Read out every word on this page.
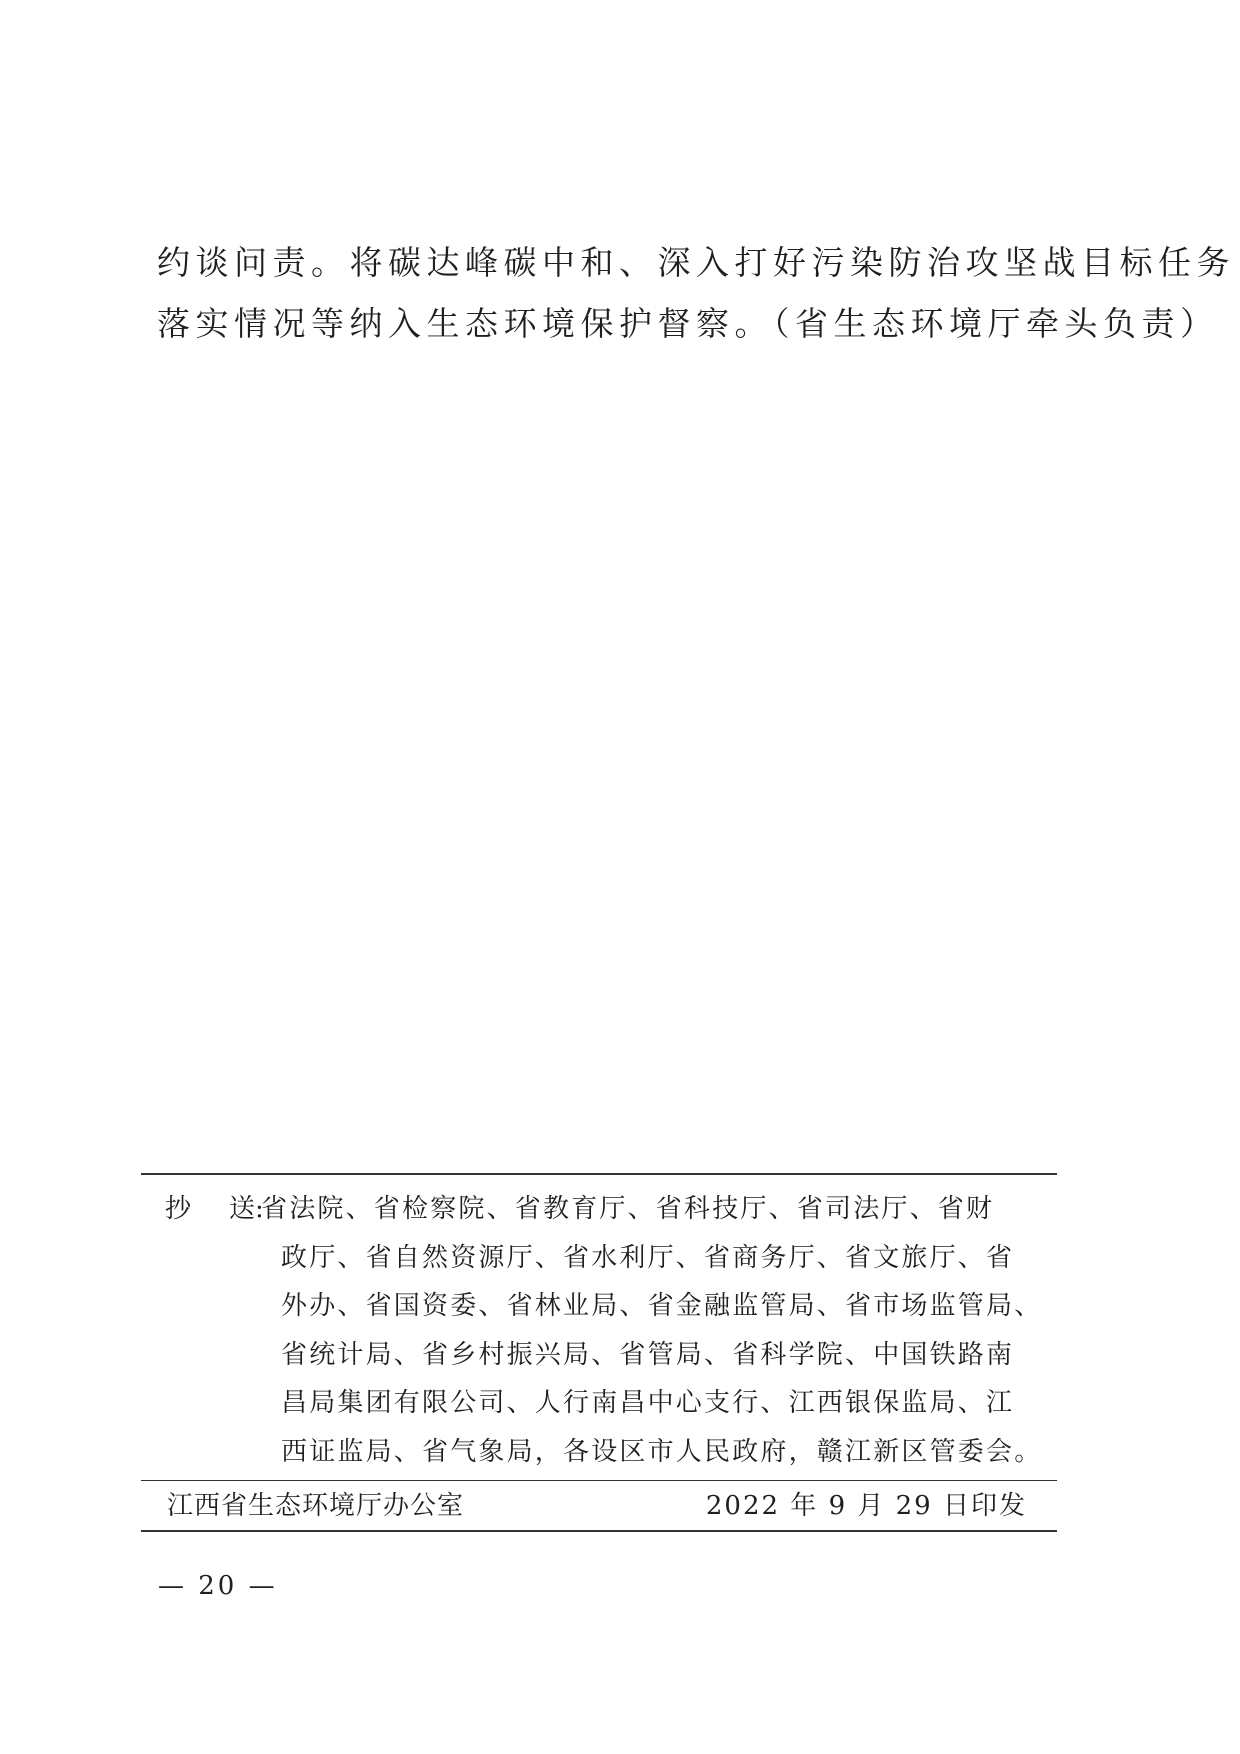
约谈问责。将碳达峰碳中和、深入打好污染防治攻坚战目标任务
落实情况等纳入生态环境保护督察。（省生态环境厅牵头负责）
抄 送:
省法院、省检察院、省教育厅、省科技厅、省司法厅、省财
政厅、省自然资源厅、省水利厅、省商务厅、省文旅厅、省
外办、省国资委、省林业局、省金融监管局、省市场监管局、
省统计局、省乡村振兴局、省管局、省科学院、中国铁路南
昌局集团有限公司、人行南昌中心支行、江西银保监局、江
西证监局、省气象局，各设区市人民政府，赣江新区管委会。
江西省生态环境厅办公室	2022 年 9 月 29 日印发
— 20 —
